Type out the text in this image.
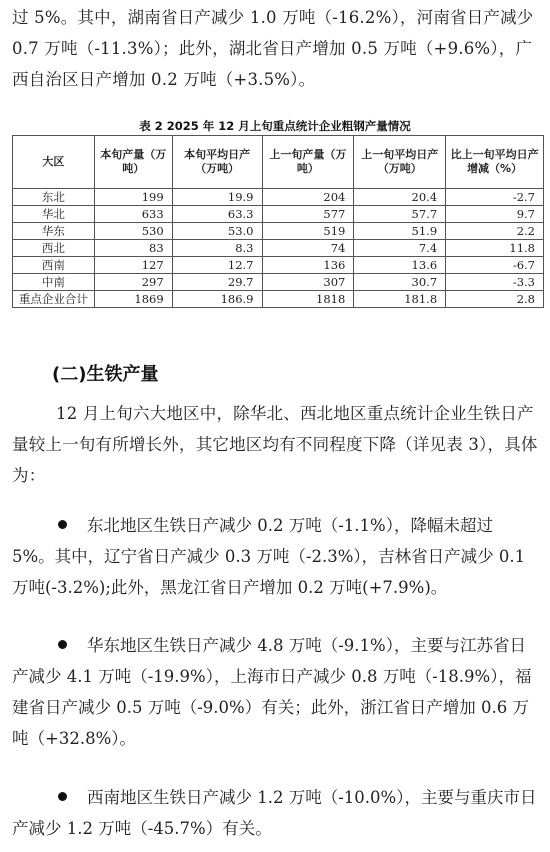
过 5%。其中，湖南省日产减少 1.0 万吨（-16.2%），河南省日产减少 0.7 万吨（-11.3%）；此外，湖北省日产增加 0.5 万吨（+9.6%），广西自治区日产增加 0.2 万吨（+3.5%）。

表 2 2025 年 12 月上旬重点统计企业粗钢产量情况
大区	本旬产量（万吨）	本旬平均日产（万吨）	上一旬产量（万吨）	上一旬平均日产（万吨）	比上一旬平均日产增减（%）
东北	199	19.9	204	20.4	-2.7
华北	633	63.3	577	57.7	9.7
华东	530	53.0	519	51.9	2.2
西北	83	8.3	74	7.4	11.8
西南	127	12.7	136	13.6	-6.7
中南	297	29.7	307	30.7	-3.3
重点企业合计	1869	186.9	1818	181.8	2.8
(二)生铁产量

12 月上旬六大地区中，除华北、西北地区重点统计企业生铁日产量较上一旬有所增长外，其它地区均有不同程度下降（详见表 3），具体为：

东北地区生铁日产减少 0.2 万吨（-1.1%），降幅未超过 5%。其中，辽宁省日产减少 0.3 万吨（-2.3%），吉林省日产减少 0.1 万吨(-3.2%);此外，黑龙江省日产增加 0.2 万吨(+7.9%)。

华东地区生铁日产减少 4.8 万吨（-9.1%），主要与江苏省日产减少 4.1 万吨（-19.9%），上海市日产减少 0.8 万吨（-18.9%），福建省日产减少 0.5 万吨（-9.0%）有关；此外，浙江省日产增加 0.6 万吨（+32.8%）。

西南地区生铁日产减少 1.2 万吨（-10.0%），主要与重庆市日产减少 1.2 万吨（-45.7%）有关。
